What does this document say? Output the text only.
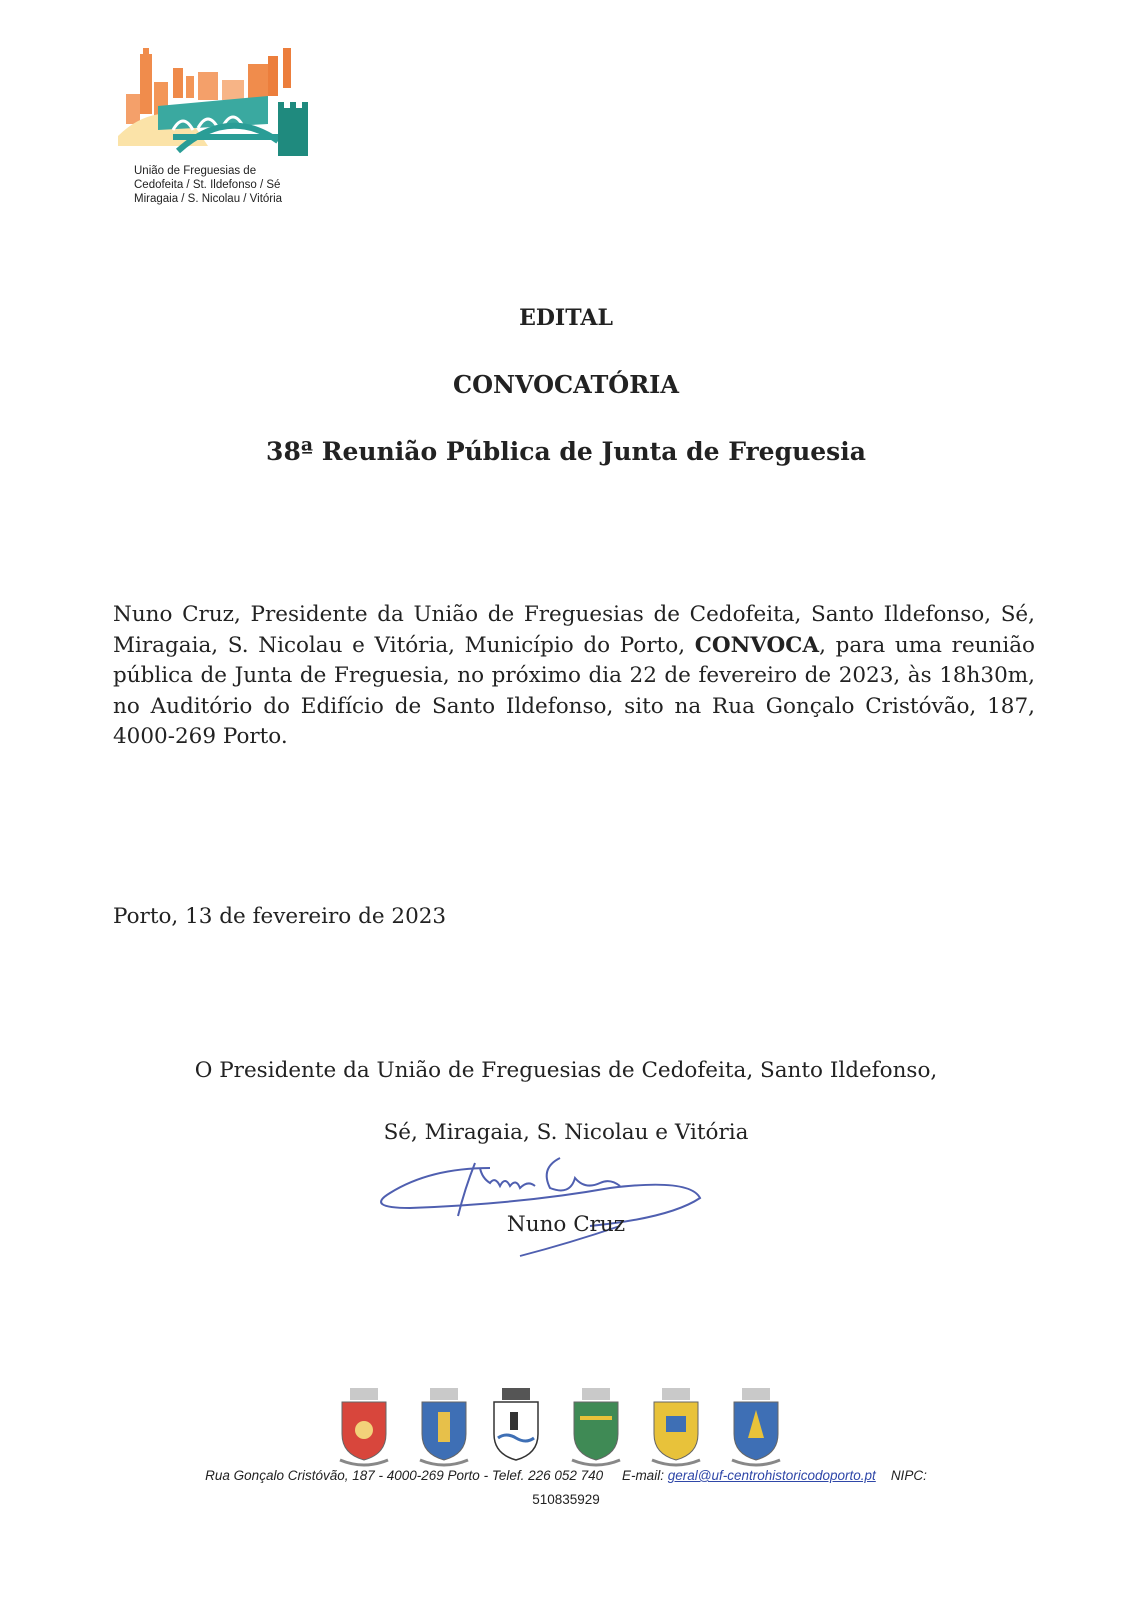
União de Freguesias de
Cedofeita / St. Ildefonso / Sé
Miragaia / S. Nicolau / Vitória
EDITAL
CONVOCATÓRIA
38ª Reunião Pública de Junta de Freguesia
Nuno Cruz, Presidente da União de Freguesias de Cedofeita, Santo Ildefonso, Sé, Miragaia, S. Nicolau e Vitória, Município do Porto, CONVOCA, para uma reunião pública de Junta de Freguesia, no próximo dia 22 de fevereiro de 2023, às 18h30m, no Auditório do Edifício de Santo Ildefonso, sito na Rua Gonçalo Cristóvão, 187, 4000-269 Porto.
Porto, 13 de fevereiro de 2023
O Presidente da União de Freguesias de Cedofeita, Santo Ildefonso,
Sé, Miragaia, S. Nicolau e Vitória
Nuno Cruz
Rua Gonçalo Cristóvão, 187 - 4000-269 Porto - Telef. 226 052 740 E-mail: geral@uf-centrohistoricodoporto.pt NIPC:
510835929
